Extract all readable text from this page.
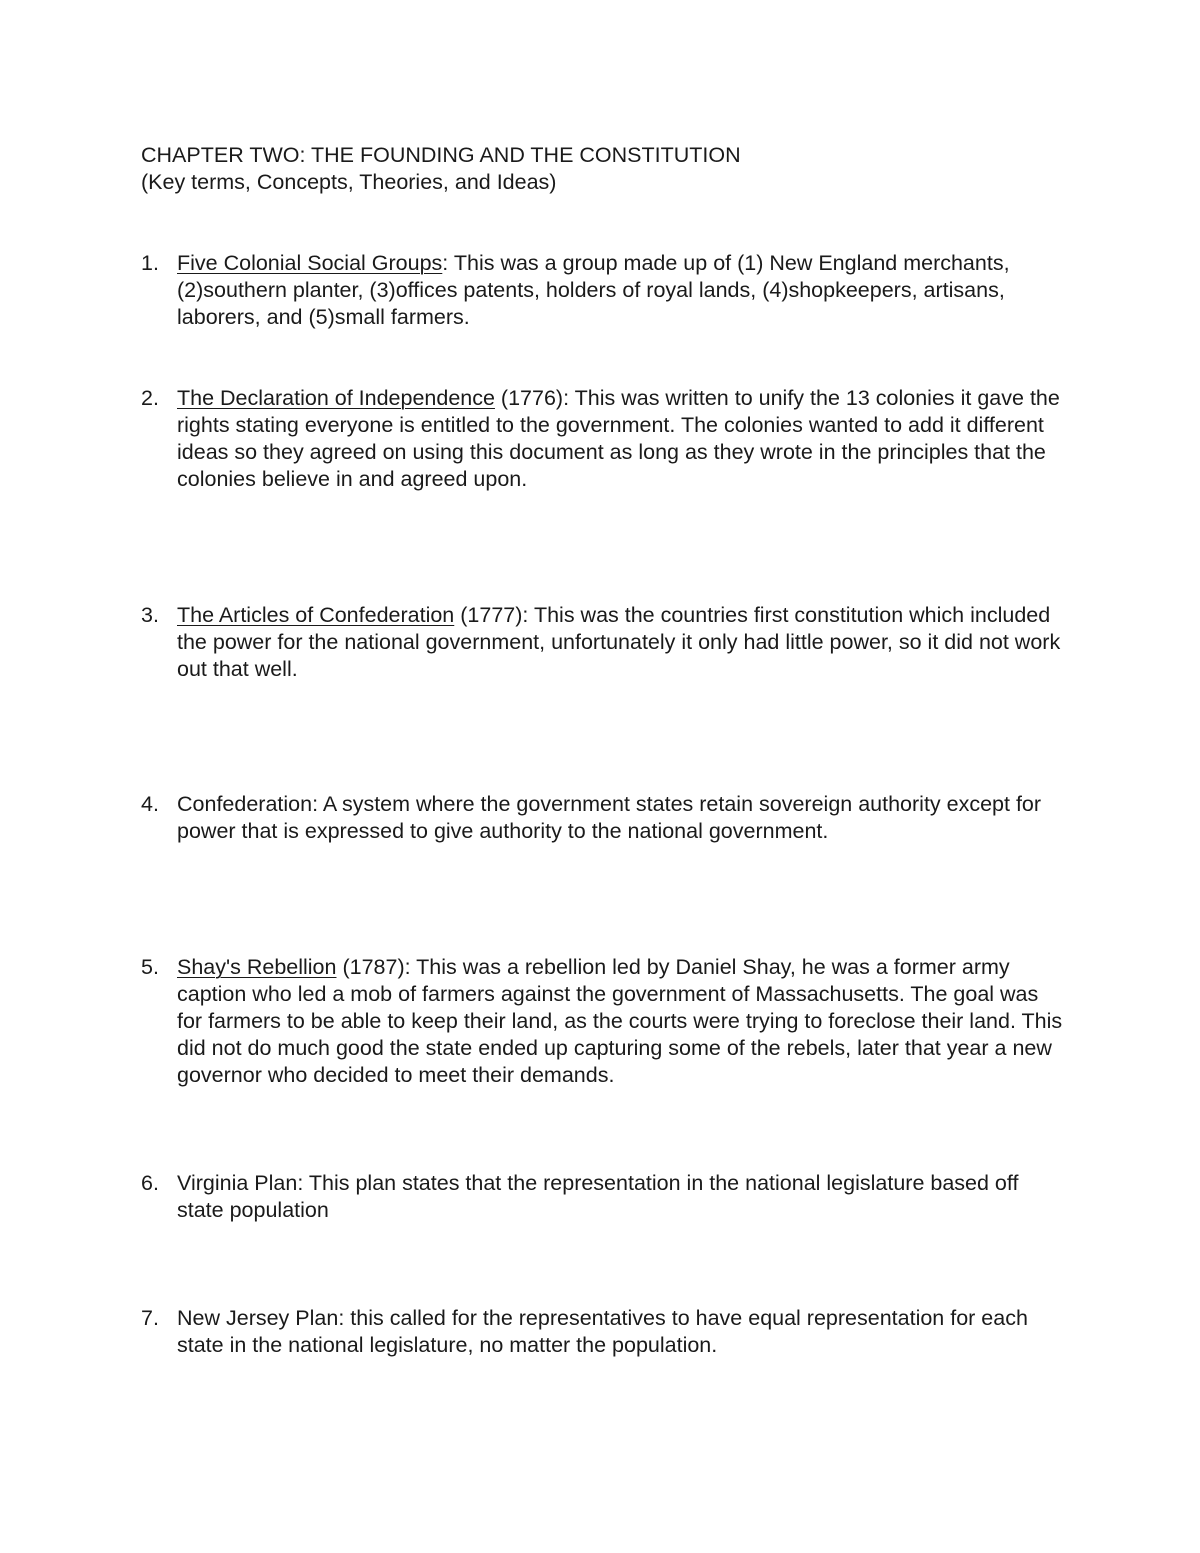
CHAPTER TWO: THE FOUNDING AND THE CONSTITUTION
(Key terms, Concepts, Theories, and Ideas)
1. Five Colonial Social Groups: This was a group made up of (1) New England merchants, (2)southern planter, (3)offices patents, holders of royal lands, (4)shopkeepers, artisans, laborers, and (5)small farmers.
2. The Declaration of Independence (1776): This was written to unify the 13 colonies it gave the rights stating everyone is entitled to the government. The colonies wanted to add it different ideas so they agreed on using this document as long as they wrote in the principles that the colonies believe in and agreed upon.
3. The Articles of Confederation (1777): This was the countries first constitution which included the power for the national government, unfortunately it only had little power, so it did not work out that well.
4. Confederation: A system where the government states retain sovereign authority except for power that is expressed to give authority to the national government.
5. Shay's Rebellion (1787): This was a rebellion led by Daniel Shay, he was a former army caption who led a mob of farmers against the government of Massachusetts. The goal was for farmers to be able to keep their land, as the courts were trying to foreclose their land. This did not do much good the state ended up capturing some of the rebels, later that year a new governor who decided to meet their demands.
6. Virginia Plan: This plan states that the representation in the national legislature based off state population
7. New Jersey Plan: this called for the representatives to have equal representation for each state in the national legislature, no matter the population.
